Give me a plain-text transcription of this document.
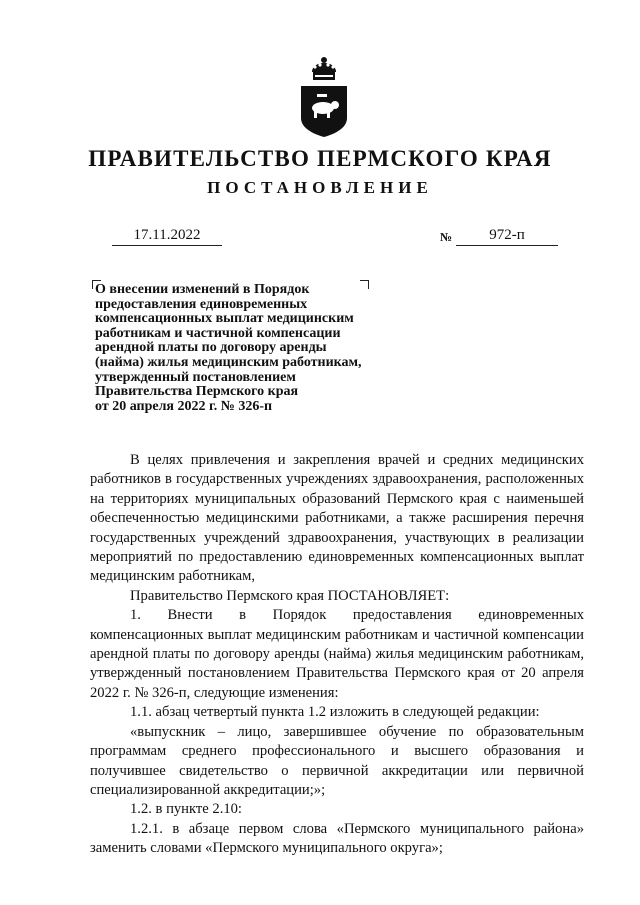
ПРАВИТЕЛЬСТВО ПЕРМСКОГО КРАЯ
ПОСТАНОВЛЕНИЕ
17.11.2022	№	972-п
О внесении изменений в Порядок
предоставления единовременных
компенсационных выплат медицинским
работникам и частичной компенсации
арендной платы по договору аренды
(найма) жилья медицинским работникам,
утвержденный постановлением
Правительства Пермского края
от 20 апреля 2022 г. № 326-п

В целях привлечения и закрепления врачей и средних медицинских работников в государственных учреждениях здравоохранения, расположенных на территориях муниципальных образований Пермского края с наименьшей обеспеченностью медицинскими работниками, а также расширения перечня государственных учреждений здравоохранения, участвующих в реализации мероприятий по предоставлению единовременных компенсационных выплат медицинским работникам,

Правительство Пермского края ПОСТАНОВЛЯЕТ:

1. Внести в Порядок предоставления единовременных компенсационных выплат медицинским работникам и частичной компенсации арендной платы по договору аренды (найма) жилья медицинским работникам, утвержденный постановлением Правительства Пермского края от 20 апреля 2022 г. № 326-п, следующие изменения:

1.1. абзац четвертый пункта 1.2 изложить в следующей редакции:

«выпускник – лицо, завершившее обучение по образовательным программам среднего профессионального и высшего образования и получившее свидетельство о первичной аккредитации или первичной специализированной аккредитации;»;

1.2. в пункте 2.10:

1.2.1. в абзаце первом слова «Пермского муниципального района» заменить словами «Пермского муниципального округа»;
